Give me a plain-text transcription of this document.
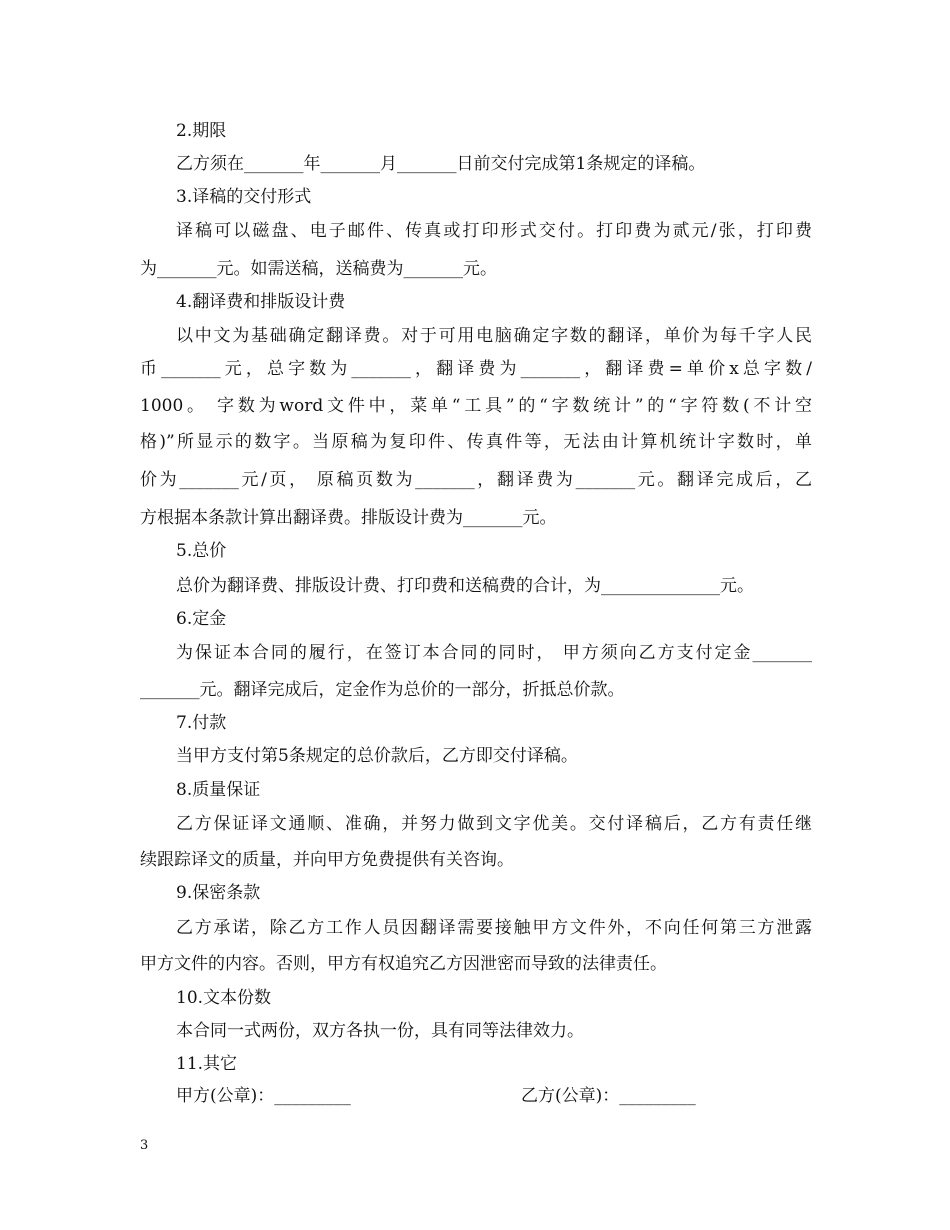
2.期限
乙方须在_______年_______月_______日前交付完成第1条规定的译稿。
3.译稿的交付形式
译稿可以磁盘、电子邮件、传真或打印形式交付。打印费为贰元/张，打印费
为_______元。如需送稿，送稿费为_______元。
4.翻译费和排版设计费
以中文为基础确定翻译费。对于可用电脑确定字数的翻译，单价为每千字人民
币_______元，总字数为_______，翻译费为_______，翻译费=单价x总字数/
1000。 字数为word文件中，菜单“工具”的“字数统计”的“字符数(不计空
格)”所显示的数字。当原稿为复印件、传真件等，无法由计算机统计字数时，单
价为_______元/页， 原稿页数为_______，翻译费为_______元。翻译完成后，乙
方根据本条款计算出翻译费。排版设计费为_______元。
5.总价
总价为翻译费、排版设计费、打印费和送稿费的合计，为______________元。
6.定金
为保证本合同的履行，在签订本合同的同时， 甲方须向乙方支付定金_______
_______元。翻译完成后，定金作为总价的一部分，折抵总价款。
7.付款
当甲方支付第5条规定的总价款后，乙方即交付译稿。
8.质量保证
乙方保证译文通顺、准确，并努力做到文字优美。交付译稿后，乙方有责任继
续跟踪译文的质量，并向甲方免费提供有关咨询。
9.保密条款
乙方承诺，除乙方工作人员因翻译需要接触甲方文件外，不向任何第三方泄露
甲方文件的内容。否则，甲方有权追究乙方因泄密而导致的法律责任。
10.文本份数
本合同一式两份，双方各执一份，具有同等法律效力。
11.其它
甲方(公章)：_________	乙方(公章)：_________
3
